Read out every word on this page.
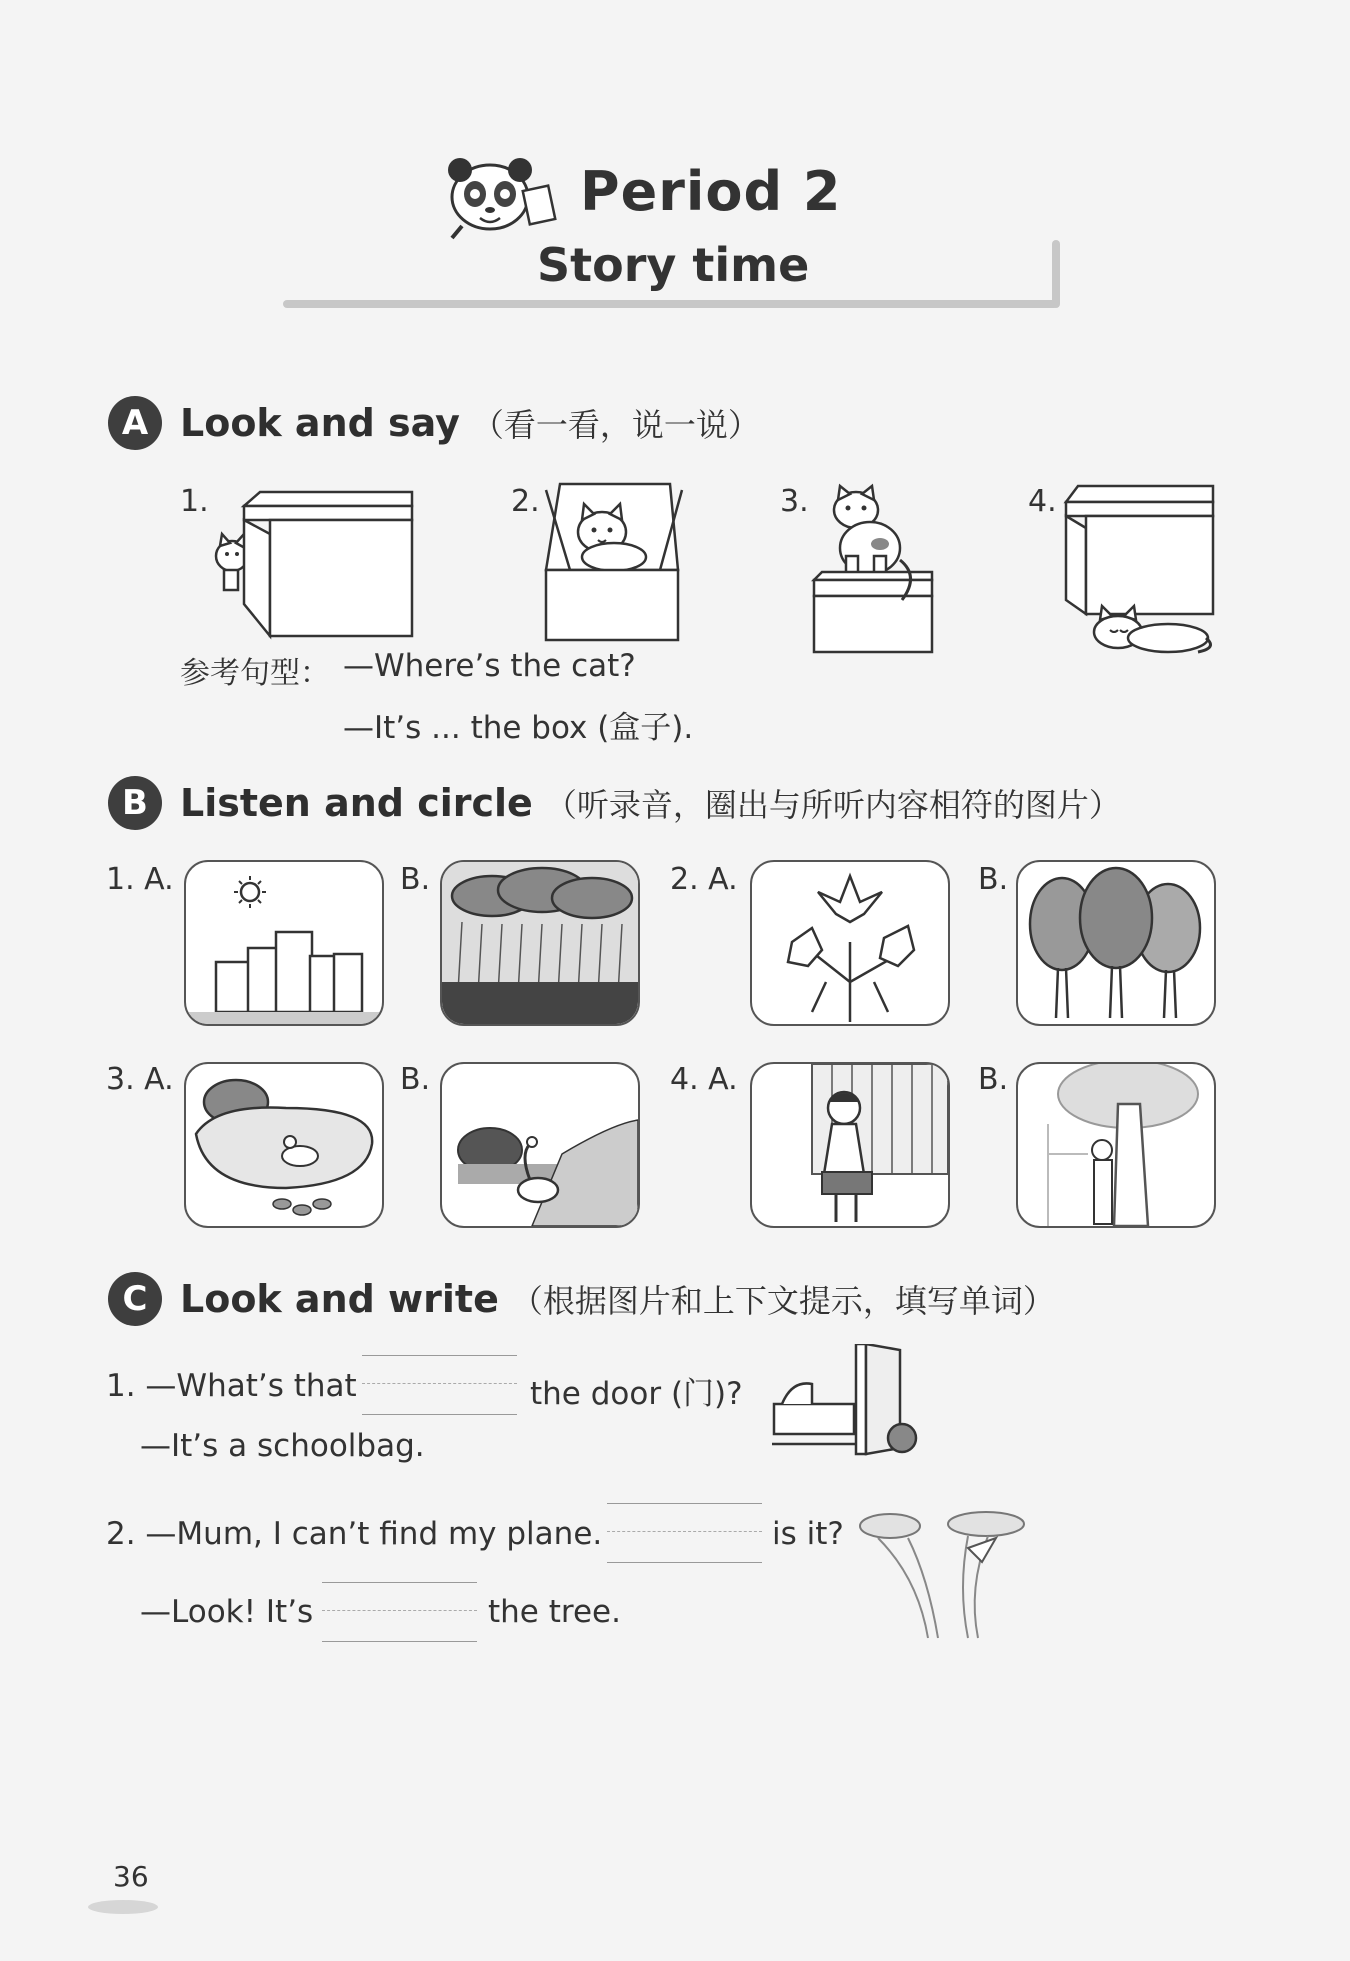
Period 2
Story time
A Look and say （看一看，说一说）
1.	2.	3.	4.
参考句型： —Where’s the cat?
—It’s ... the box (盒子).
B Listen and circle （听录音，圈出与所听内容相符的图片）
1. A.	B.	2. A.	B.
3. A.	B.	4. A.	B.
C Look and write （根据图片和上下文提示，填写单词）
1. —What’s that	the door (门)?
—It’s a schoolbag.
2. —Mum, I can’t find my plane.	is it?
—Look! It’s	the tree.
36
